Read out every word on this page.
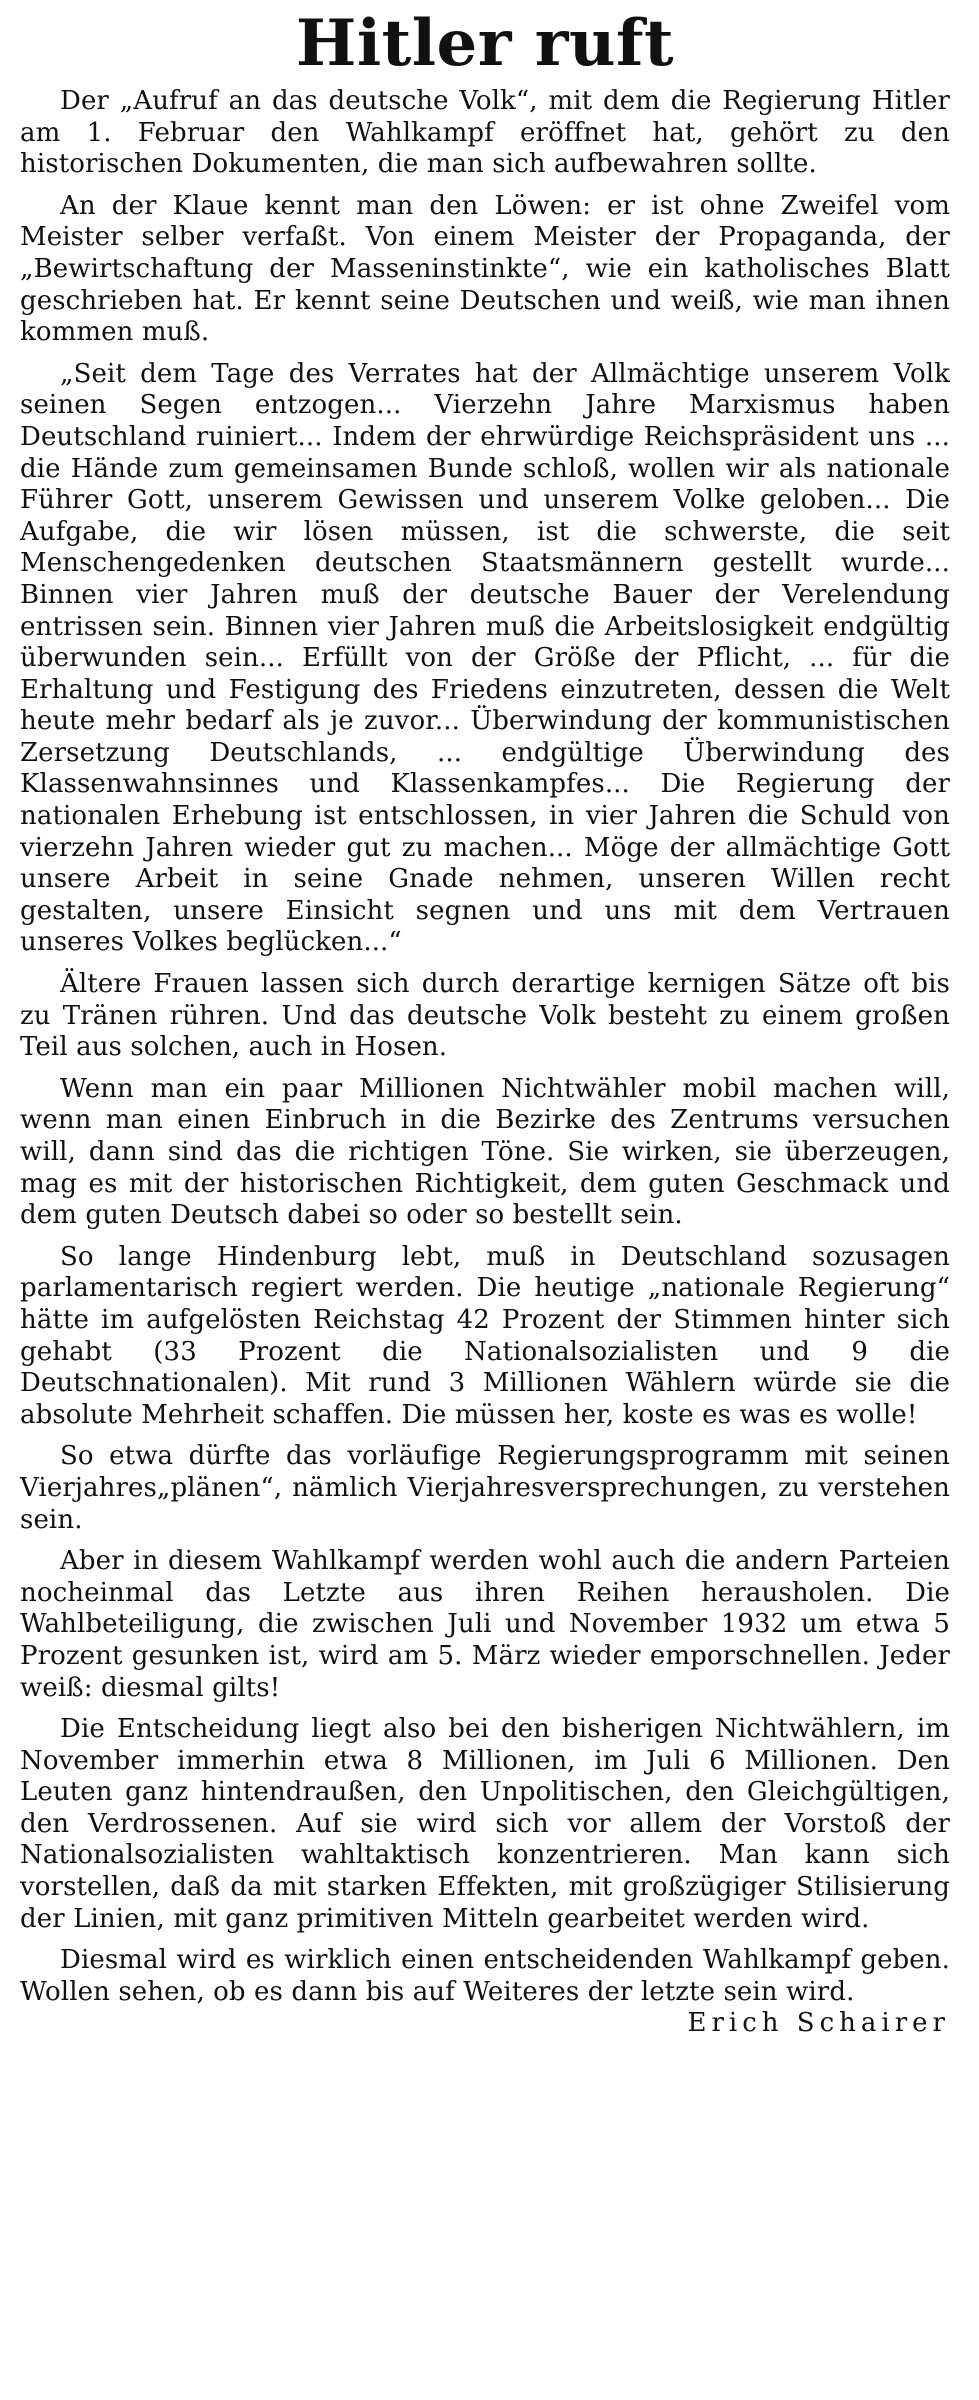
Hitler ruft

Der „Aufruf an das deutsche Volk“, mit dem die Regierung Hitler am 1. Februar den Wahlkampf eröffnet hat, gehört zu den historischen Dokumenten, die man sich aufbewahren sollte.

An der Klaue kennt man den Löwen: er ist ohne Zweifel vom Meister selber verfaßt. Von einem Meister der Propaganda, der „Bewirtschaftung der Masseninstinkte“, wie ein katholisches Blatt geschrieben hat. Er kennt seine Deutschen und weiß, wie man ihnen kommen muß.

„Seit dem Tage des Verrates hat der Allmächtige unserem Volk seinen Segen entzogen... Vierzehn Jahre Marxismus haben Deutschland ruiniert... Indem der ehrwürdige Reichspräsident uns ... die Hände zum gemeinsamen Bunde schloß, wollen wir als nationale Führer Gott, unserem Gewissen und unserem Volke geloben... Die Aufgabe, die wir lösen müssen, ist die schwerste, die seit Menschengedenken deutschen Staatsmännern gestellt wurde... Binnen vier Jahren muß der deutsche Bauer der Verelendung entrissen sein. Binnen vier Jahren muß die Arbeitslosigkeit endgültig überwunden sein... Erfüllt von der Größe der Pflicht, ... für die Erhaltung und Festigung des Friedens einzutreten, dessen die Welt heute mehr bedarf als je zuvor... Überwindung der kommunistischen Zersetzung Deutschlands, ... endgültige Überwindung des Klassenwahnsinnes und Klassenkampfes... Die Regierung der nationalen Erhebung ist entschlossen, in vier Jahren die Schuld von vierzehn Jahren wieder gut zu machen... Möge der allmächtige Gott unsere Arbeit in seine Gnade nehmen, unseren Willen recht gestalten, unsere Einsicht segnen und uns mit dem Vertrauen unseres Volkes beglücken...“

Ältere Frauen lassen sich durch derartige kernigen Sätze oft bis zu Tränen rühren. Und das deutsche Volk besteht zu einem großen Teil aus solchen, auch in Hosen.

Wenn man ein paar Millionen Nichtwähler mobil machen will, wenn man einen Einbruch in die Bezirke des Zentrums versuchen will, dann sind das die richtigen Töne. Sie wirken, sie überzeugen, mag es mit der historischen Richtigkeit, dem guten Geschmack und dem guten Deutsch dabei so oder so bestellt sein.

So lange Hindenburg lebt, muß in Deutschland sozusagen parlamentarisch regiert werden. Die heutige „nationale Regierung“ hätte im aufgelösten Reichstag 42 Prozent der Stimmen hinter sich gehabt (33 Prozent die Nationalsozialisten und 9 die Deutschnationalen). Mit rund 3 Millionen Wählern würde sie die absolute Mehrheit schaffen. Die müssen her, koste es was es wolle!

So etwa dürfte das vorläufige Regierungsprogramm mit seinen Vierjahres„plänen“, nämlich Vierjahresversprechungen, zu verstehen sein.

Aber in diesem Wahlkampf werden wohl auch die andern Parteien nocheinmal das Letzte aus ihren Reihen herausholen. Die Wahlbeteiligung, die zwischen Juli und November 1932 um etwa 5 Prozent gesunken ist, wird am 5. März wieder emporschnellen. Jeder weiß: diesmal gilts!

Die Entscheidung liegt also bei den bisherigen Nichtwählern, im November immerhin etwa 8 Millionen, im Juli 6 Millionen. Den Leuten ganz hintendraußen, den Unpolitischen, den Gleichgültigen, den Verdrossenen. Auf sie wird sich vor allem der Vorstoß der Nationalsozialisten wahltaktisch konzentrieren. Man kann sich vorstellen, daß da mit starken Effekten, mit großzügiger Stilisierung der Linien, mit ganz primitiven Mitteln gearbeitet werden wird.

Diesmal wird es wirklich einen entscheidenden Wahlkampf geben. Wollen sehen, ob es dann bis auf Weiteres der letzte sein wird.

Erich Schairer
